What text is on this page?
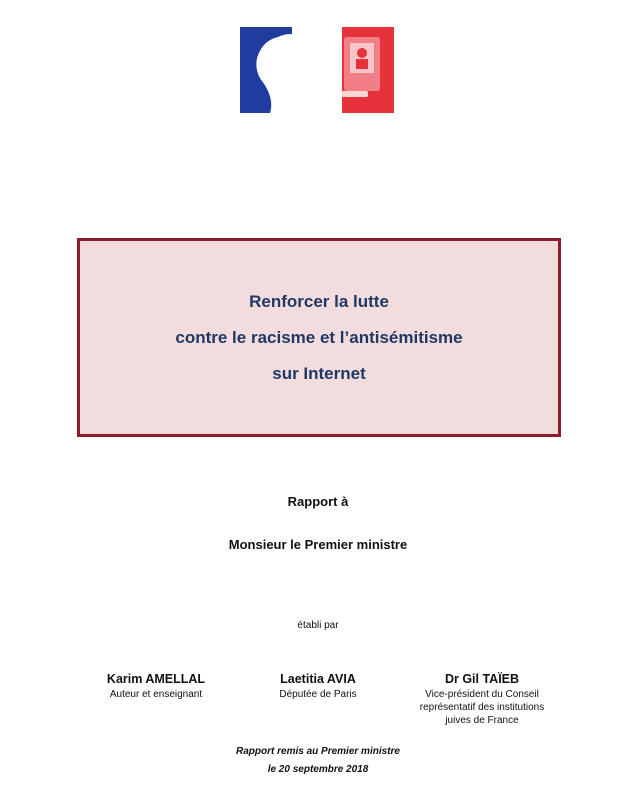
Renforcer la lutte
contre le racisme et l’antisémitisme
sur Internet
Rapport à
Monsieur le Premier ministre
établi par
Karim AMELLAL
Auteur et enseignant
Laetitia AVIA
Députée de Paris
Dr Gil TAÏEB
Vice-président du Conseil
représentatif des institutions
juives de France
Rapport remis au Premier ministre
le 20 septembre 2018
